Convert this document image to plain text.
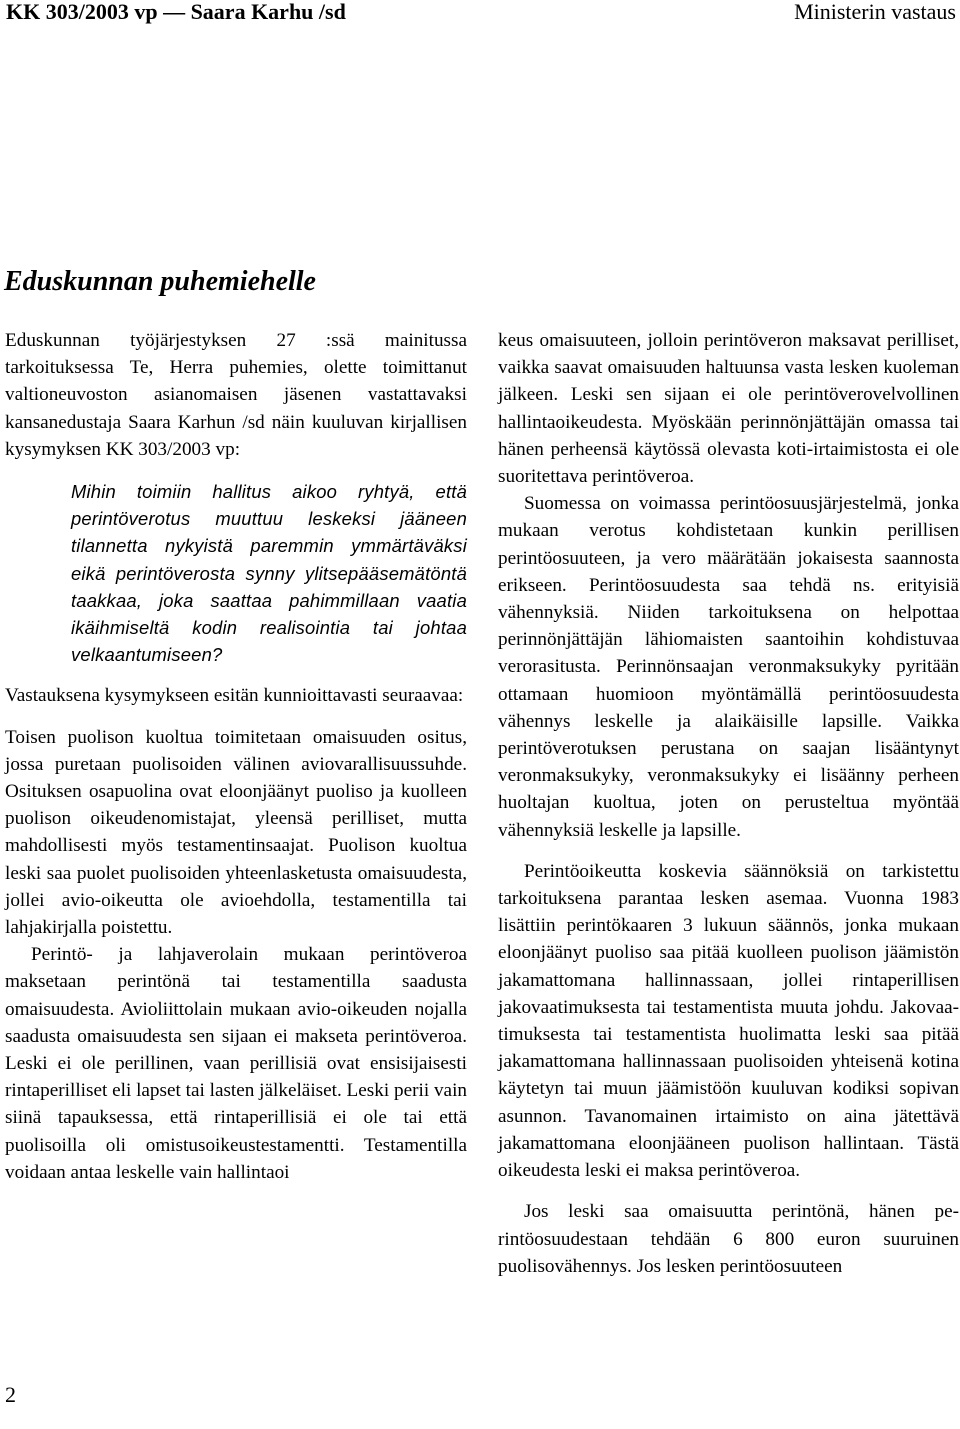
KK 303/2003 vp — Saara Karhu /sd	Ministerin vastaus
Eduskunnan puhemiehelle

Eduskunnan työjärjestyksen 27 :ssä mainitussa tarkoituksessa Te, Herra puhemies, olette toimittanut valtioneuvoston asianomaisen jäsenen vastattavaksi kansanedustaja Saara Karhun /sd näin kuuluvan kirjallisen kysymyksen KK 303/2003 vp:

Mihin toimiin hallitus aikoo ryhtyä, että perintöverotus muuttuu leskeksi jääneen tilannetta nykyistä paremmin ymmärtäväksi eikä perintöverosta synny ylitsepääsemätöntä taakkaa, joka saattaa pahimmillaan vaatia ikäihmiseltä kodin realisointia tai johtaa velkaantumiseen?

Vastauksena kysymykseen esitän kunnioittavasti seuraavaa:

Toisen puolison kuoltua toimitetaan omaisuuden ositus, jossa puretaan puolisoiden välinen aviovarallisuussuhde. Osituksen osapuolina ovat eloonjäänyt puoliso ja kuolleen puolison oikeudenomistajat, yleensä perilliset, mutta mahdollisesti myös testamentinsaajat. Puolison kuoltua leski saa puolet puolisoiden yhteenlasketusta omaisuudesta, jollei avio-oikeutta ole avioehdolla, testamentilla tai lahjakirjalla poistettu.

Perintö- ja lahjaverolain mukaan perintöveroa maksetaan perintönä tai testamentilla saadusta omaisuudesta. Avioliittolain mukaan avio-oikeuden nojalla saadusta omaisuudesta sen sijaan ei makseta perintöveroa. Leski ei ole perillinen, vaan perillisiä ovat ensisijaisesti rintaperilliset eli lapset tai lasten jälkeläiset. Leski perii vain siinä tapauksessa, että rintaperillisiä ei ole tai että puolisoilla oli omistusoikeustestamentti. Testamentilla voidaan antaa leskelle vain hallintaoi

keus omaisuuteen, jolloin perintöveron maksavat perilliset, vaikka saavat omaisuuden haltuunsa vasta lesken kuoleman jälkeen. Leski sen sijaan ei ole perintöverovelvollinen hallintaoikeudesta. Myöskään perinnönjättäjän omassa tai hänen perheensä käytössä olevasta koti-irtaimistosta ei ole suoritettava perintöveroa.

Suomessa on voimassa perintöosuusjärjestelmä, jonka mukaan verotus kohdistetaan kunkin perillisen perintöosuuteen, ja vero määrätään jokaisesta saannosta erikseen. Perintöosuudesta saa tehdä ns. erityisiä vähennyksiä. Niiden tarkoituksena on helpottaa perinnönjättäjän lähiomaisten saantoihin kohdistuvaa verorasitusta. Perinnönsaajan veronmaksukyky pyritään ottamaan huomioon myöntämällä perintöosuudesta vähennys leskelle ja alaikäisille lapsille. Vaikka perintöverotuksen perustana on saajan lisääntynyt veronmaksukyky, veronmaksukyky ei lisäänny perheen huoltajan kuoltua, joten on perusteltua myöntää vähennyksiä leskelle ja lapsille.

Perintöoikeutta koskevia säännöksiä on tarkistettu tarkoituksena parantaa lesken asemaa. Vuonna 1983 lisättiin perintökaaren 3 lukuun säännös, jonka mukaan eloonjäänyt puoliso saa pitää kuolleen puolison jäämistön jakamattomana hallinnassaan, jollei rintaperillisen jakovaatimuksesta tai testamentista muuta johdu. Jakovaatimuksesta tai testamentista huolimatta leski saa pitää jakamattomana hallinnassaan puolisoiden yhteisenä kotina käytetyn tai muun jäämistöön kuuluvan kodiksi sopivan asunnon. Tavanomainen irtaimisto on aina jätettävä jakamattomana eloonjääneen puolison hallintaan. Tästä oikeudesta leski ei maksa perintöveroa.

Jos leski saa omaisuutta perintönä, hänen perintöosuudestaan tehdään 6 800 euron suuruinen puolisovähennys. Jos lesken perintöosuuteen

2
